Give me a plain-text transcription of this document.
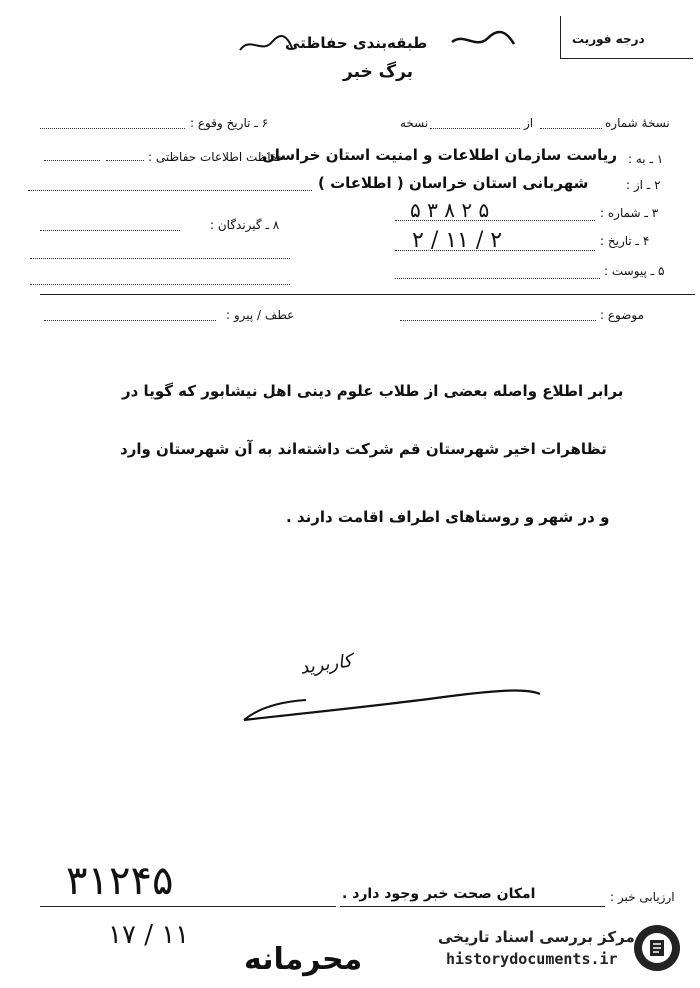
درجه فوریت
طبقه‌بندی حفاظتی
برگ خبر
نسخهٔ شماره
از
نسخه
۶ ـ تاریخ وقوع :
۱ ـ به :
ریاست سازمان اطلاعات و امنیت استان خراسان
حفاظت اطلاعات حفاظتی :
۲ ـ از :
شهربانی استان خراسان ( اطلاعات )
۳ ـ شماره :
۵ ۲ ۸ ۳ ۵
۸ ـ گیرندگان :
۴ ـ تاریخ :
۲ / ۱۱ / ۲
۵ ـ پیوست :
موضوع :
عطف / پیرو :
برابر اطلاع واصله بعضی از طلاب علوم دینی اهل نیشابور که گویا در
تظاهرات اخیر شهرستان قم شرکت داشته‌اند به آن شهرستان وارد
و در شهر و روستاهای اطراف اقامت دارند .
کاربرید
۳۱۲۴۵	ارزیابی خبر :
امکان صحت خبر وجود دارد .
۱۷ / ۱۱
محرمانه
مرکز بررسی اسناد تاریخی
historydocuments.ir
